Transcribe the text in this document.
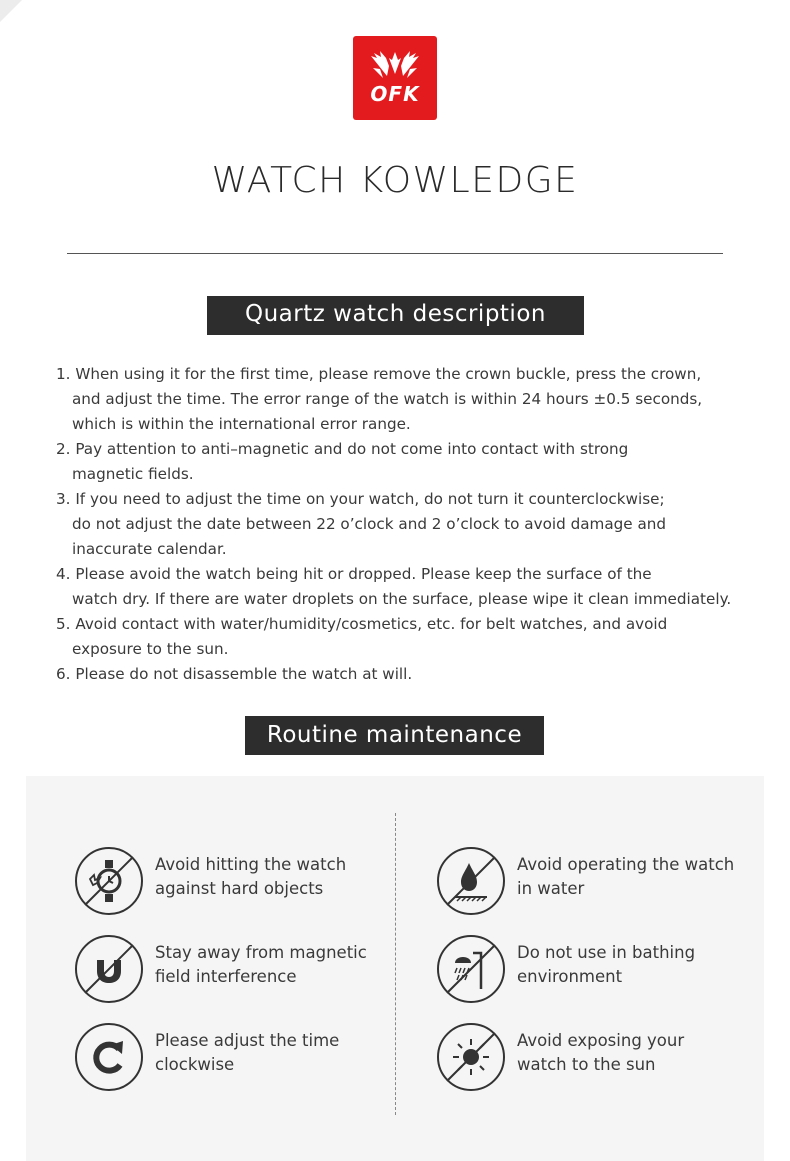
OFK
WATCH KOWLEDGE
Quartz watch description
1. When using it for the first time, please remove the crown buckle, press the crown,
and adjust the time. The error range of the watch is within 24 hours ±0.5 seconds,
which is within the international error range.
2. Pay attention to anti–magnetic and do not come into contact with strong
magnetic fields.
3. If you need to adjust the time on your watch, do not turn it counterclockwise;
do not adjust the date between 22 o’clock and 2 o’clock to avoid damage and
inaccurate calendar.
4. Please avoid the watch being hit or dropped. Please keep the surface of the
watch dry. If there are water droplets on the surface, please wipe it clean immediately.
5. Avoid contact with water/humidity/cosmetics, etc. for belt watches, and avoid
exposure to the sun.
6. Please do not disassemble the watch at will.
Routine maintenance
Avoid hitting the watch
against hard objects
Avoid operating the watch
in water
Stay away from magnetic
field interference
Do not use in bathing
environment
Please adjust the time
clockwise
Avoid exposing your
watch to the sun
